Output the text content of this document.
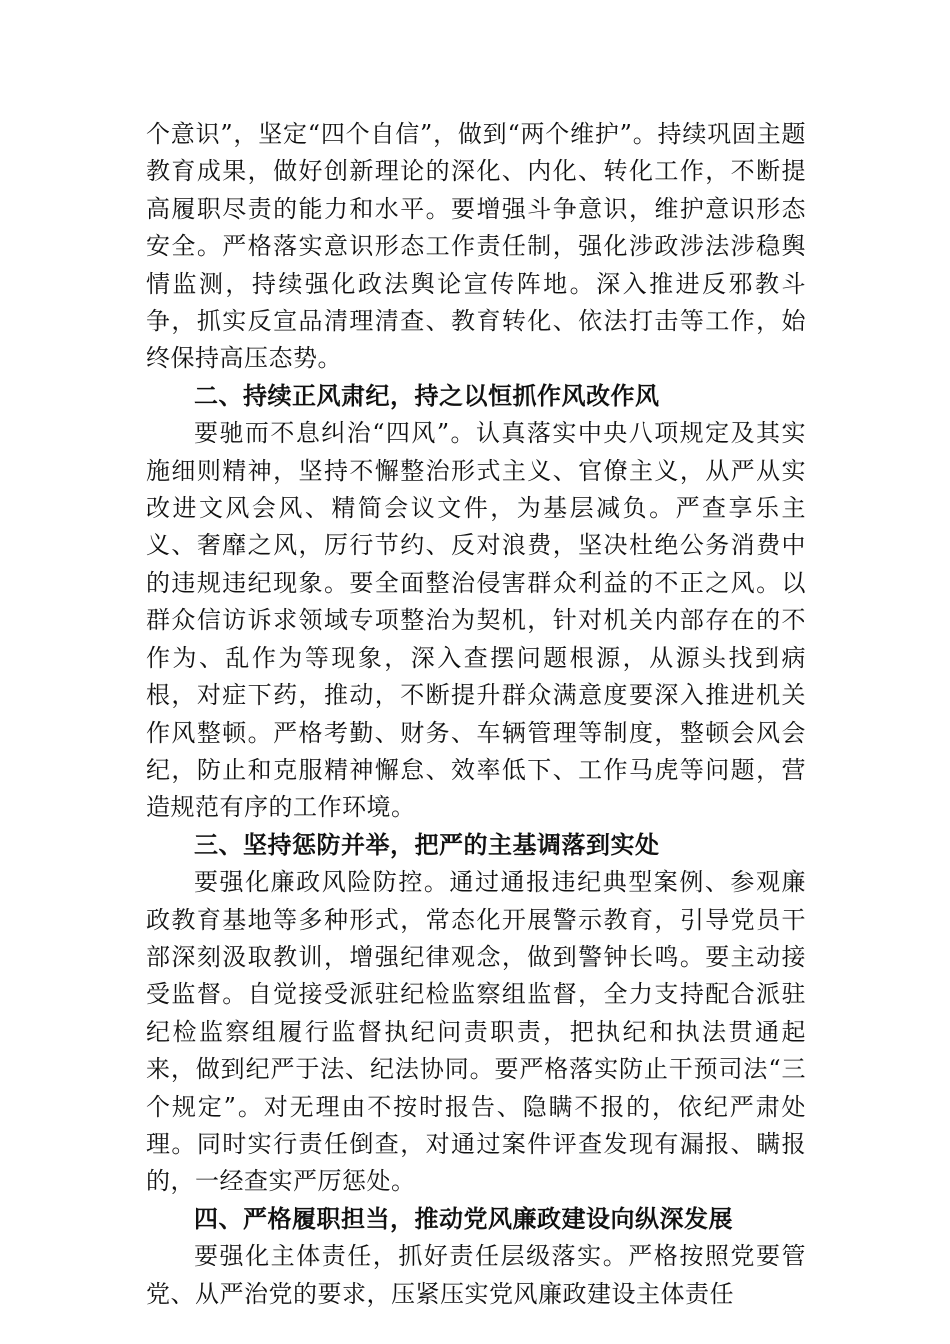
个意识”，坚定“四个自信”，做到“两个维护”。持续巩固主题教育成果，做好创新理论的深化、内化、转化工作，不断提高履职尽责的能力和水平。要增强斗争意识，维护意识形态安全。严格落实意识形态工作责任制，强化涉政涉法涉稳舆情监测，持续强化政法舆论宣传阵地。深入推进反邪教斗争，抓实反宣品清理清查、教育转化、依法打击等工作，始终保持高压态势。

二、持续正风肃纪，持之以恒抓作风改作风

要驰而不息纠治“四风”。认真落实中央八项规定及其实施细则精神，坚持不懈整治形式主义、官僚主义，从严从实改进文风会风、精简会议文件，为基层减负。严查享乐主义、奢靡之风，厉行节约、反对浪费，坚决杜绝公务消费中的违规违纪现象。要全面整治侵害群众利益的不正之风。以群众信访诉求领域专项整治为契机，针对机关内部存在的不作为、乱作为等现象，深入查摆问题根源，从源头找到病根，对症下药，推动，不断提升群众满意度要深入推进机关作风整顿。严格考勤、财务、车辆管理等制度，整顿会风会纪，防止和克服精神懈怠、效率低下、工作马虎等问题，营造规范有序的工作环境。

三、坚持惩防并举，把严的主基调落到实处

要强化廉政风险防控。通过通报违纪典型案例、参观廉政教育基地等多种形式，常态化开展警示教育，引导党员干部深刻汲取教训，增强纪律观念，做到警钟长鸣。要主动接受监督。自觉接受派驻纪检监察组监督，全力支持配合派驻纪检监察组履行监督执纪问责职责，把执纪和执法贯通起来，做到纪严于法、纪法协同。要严格落实防止干预司法“三个规定”。对无理由不按时报告、隐瞒不报的，依纪严肃处理。同时实行责任倒查，对通过案件评查发现有漏报、瞒报的，一经查实严厉惩处。

四、严格履职担当，推动党风廉政建设向纵深发展

要强化主体责任，抓好责任层级落实。严格按照党要管党、从严治党的要求，压紧压实党风廉政建设主体责任
